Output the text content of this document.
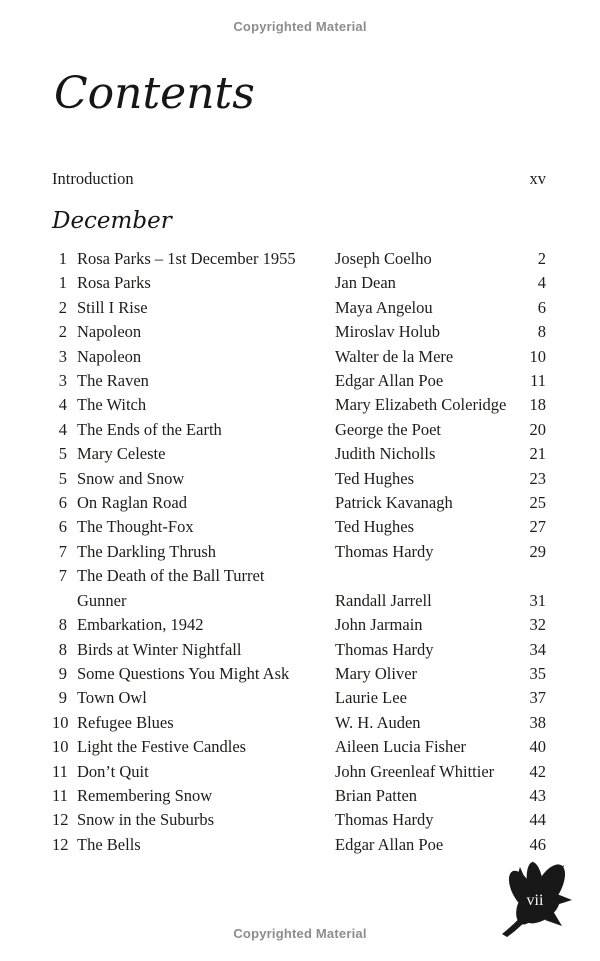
Copyrighted Material
Contents
Introduction	xv
December
1 Rosa Parks – 1st December 1955	Joseph Coelho	2
1 Rosa Parks	Jan Dean	4
2 Still I Rise	Maya Angelou	6
2 Napoleon	Miroslav Holub	8
3 Napoleon	Walter de la Mere	10
3 The Raven	Edgar Allan Poe	11
4 The Witch	Mary Elizabeth Coleridge	18
4 The Ends of the Earth	George the Poet	20
5 Mary Celeste	Judith Nicholls	21
5 Snow and Snow	Ted Hughes	23
6 On Raglan Road	Patrick Kavanagh	25
6 The Thought-Fox	Ted Hughes	27
7 The Darkling Thrush	Thomas Hardy	29
7 The Death of the Ball Turret
Gunner	Randall Jarrell	31
8 Embarkation, 1942	John Jarmain	32
8 Birds at Winter Nightfall	Thomas Hardy	34
9 Some Questions You Might Ask	Mary Oliver	35
9 Town Owl	Laurie Lee	37
10 Refugee Blues	W. H. Auden	38
10 Light the Festive Candles	Aileen Lucia Fisher	40
11 Don’t Quit	John Greenleaf Whittier	42
11 Remembering Snow	Brian Patten	43
12 Snow in the Suburbs	Thomas Hardy	44
12 The Bells	Edgar Allan Poe	46
vii
Copyrighted Material
